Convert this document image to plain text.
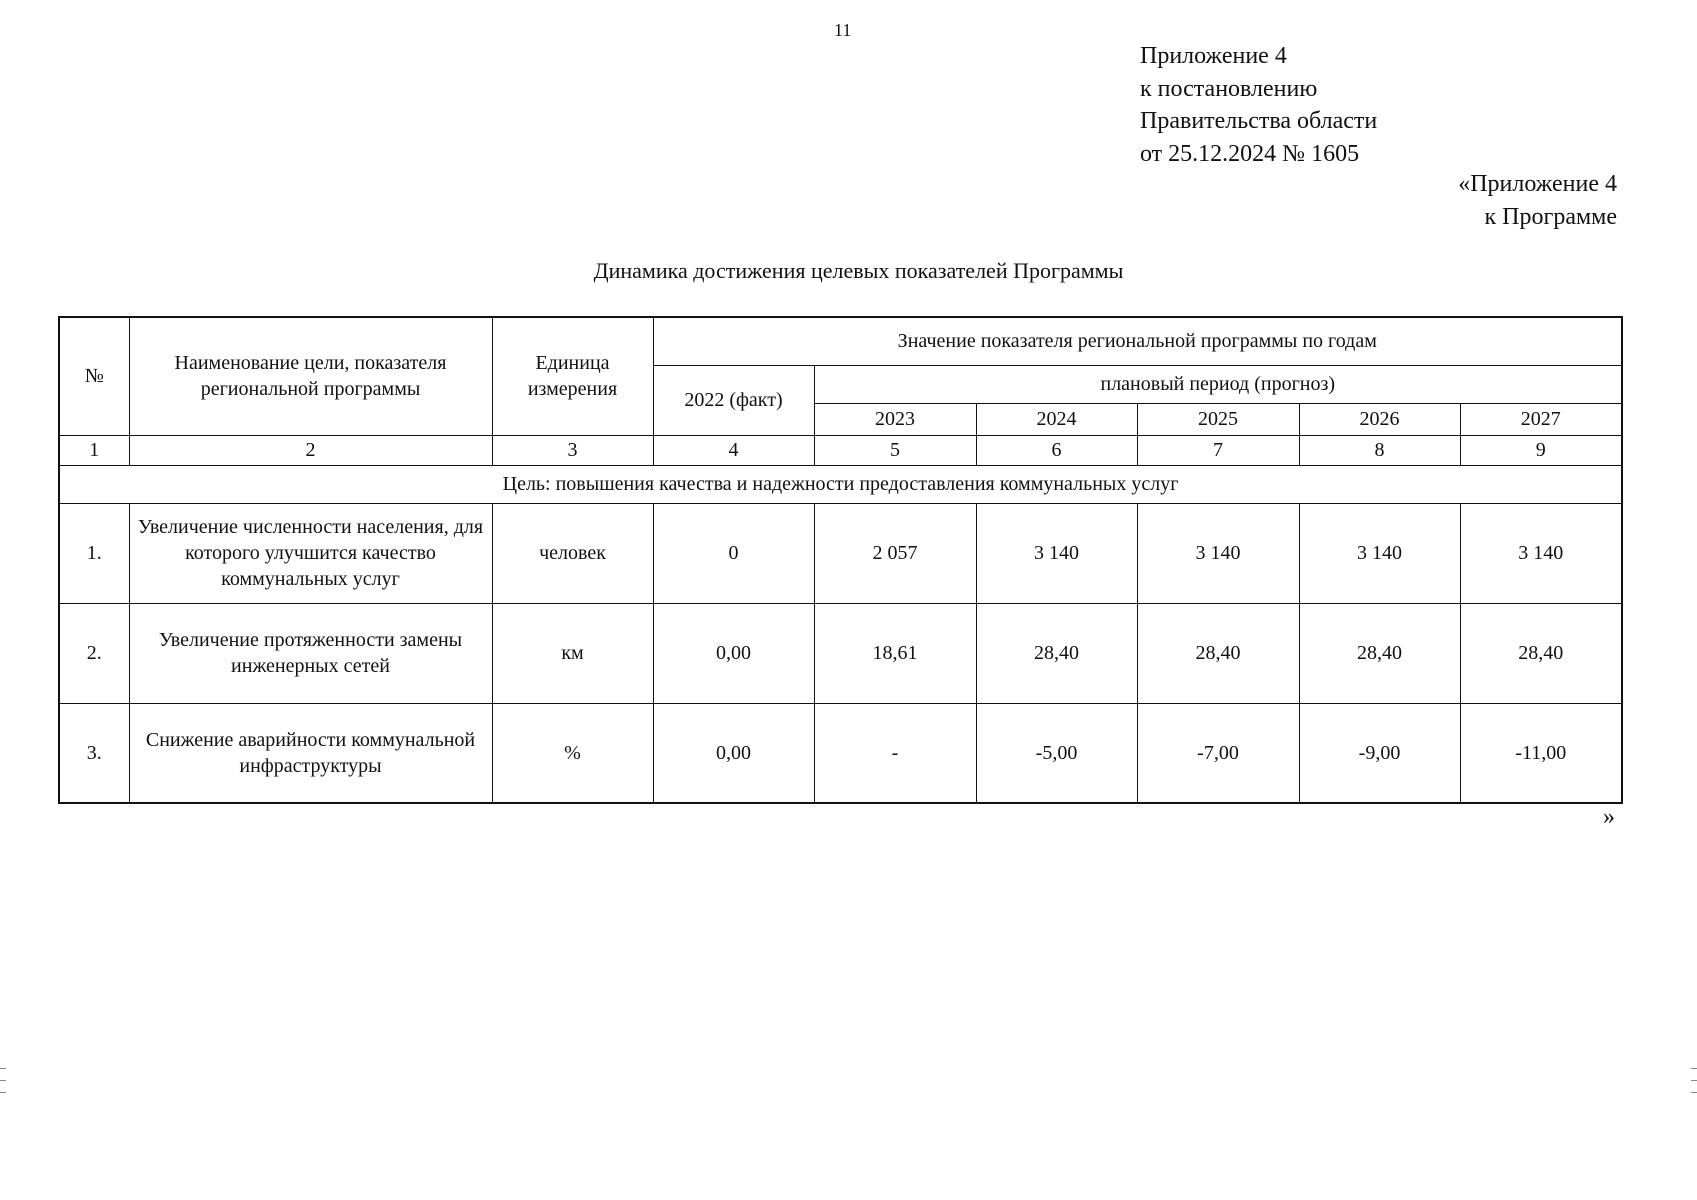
11
Приложение 4
к постановлению
Правительства области
от 25.12.2024 № 1605
«Приложение 4
к Программе
Динамика достижения целевых показателей Программы
№	Наименование цели, показателя региональной программы	Единица измерения	Значение показателя региональной программы по годам					
			2022 (факт)	плановый период (прогноз)				
				2023	2024	2025	2026	2027
1	2	3	4	5	6	7	8	9
Цель: повышения качества и надежности предоставления коммунальных услуг								
1.	Увеличение численности населения, для которого улучшится качество коммунальных услуг	человек	0	2 057	3 140	3 140	3 140	3 140
2.	Увеличение протяженности замены инженерных сетей	км	0,00	18,61	28,40	28,40	28,40	28,40
3.	Снижение аварийности коммунальной инфраструктуры	%	0,00	-	-5,00	-7,00	-9,00	-11,00
»
